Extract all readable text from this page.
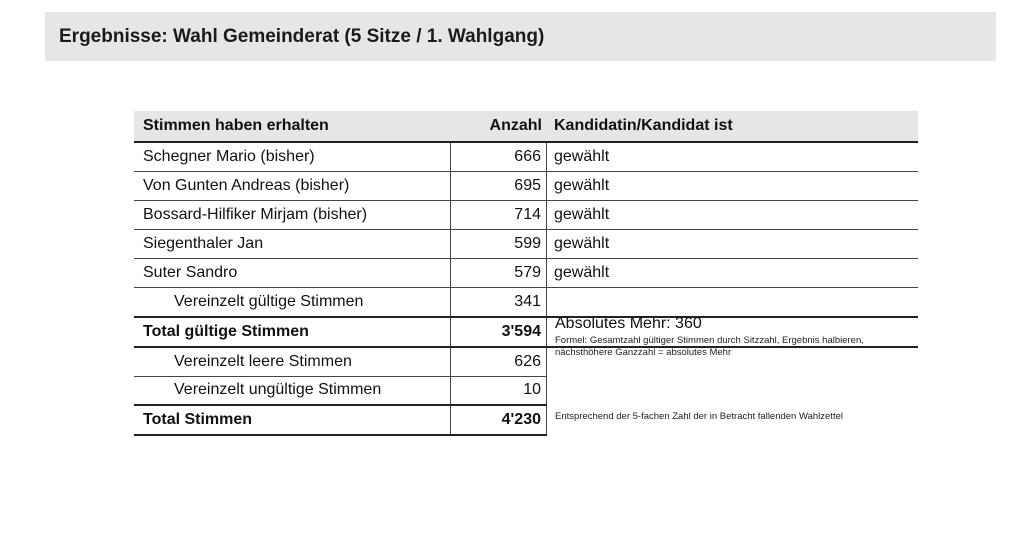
Ergebnisse: Wahl Gemeinderat (5 Sitze / 1. Wahlgang)
Stimmen haben erhalten	Anzahl Kandidatin/Kandidat ist
Schegner Mario (bisher)	666 gewählt
Von Gunten Andreas (bisher)	695 gewählt
Bossard-Hilfiker Mirjam (bisher)	714 gewählt
Siegenthaler Jan	599 gewählt
Suter Sandro	579 gewählt
Vereinzelt gültige Stimmen	341
Total gültige Stimmen	3'594
Vereinzelt leere Stimmen	626
Vereinzelt ungültige Stimmen	10
Total Stimmen	4'230
Absolutes Mehr: 360
Formel: Gesamtzahl gültiger Stimmen durch Sitzzahl, Ergebnis halbieren, nächsthöhere Ganzzahl = absolutes Mehr
Entsprechend der 5-fachen Zahl der in Betracht fallenden Wahlzettel
